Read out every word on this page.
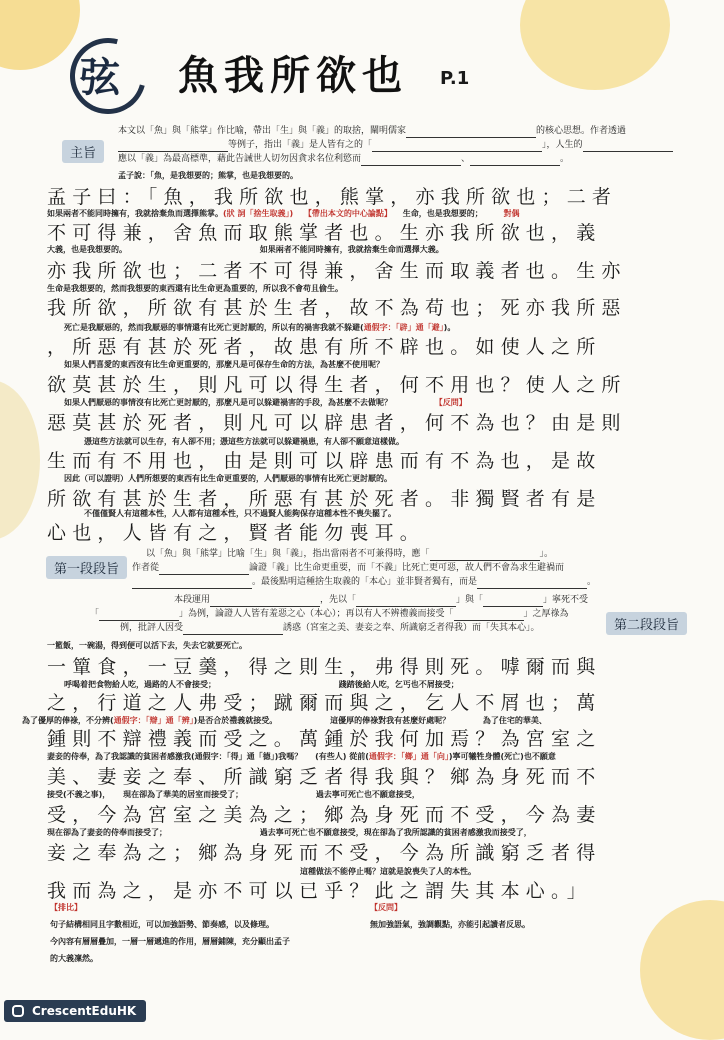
弦 魚我所欲也 P.1
主旨
本文以「魚」與「熊掌」作比喻，帶出「生」與「義」的取捨，闡明儒家	的核心思想。作者透過
等例子，指出「義」是人皆有之的「	」，人生的
應以「義」為最高標準，藉此告誡世人切勿因貪求名位利慾而	、	。
孟子說：「魚，是我想要的；熊掌，也是我想要的。
孟子曰：「魚，我所欲也，熊掌，亦我所欲也；二者
如果兩者不能同時擁有，我就捨棄魚而選擇熊掌。(狀 詞「捨生取義」) 【帶出本文的中心論點】 生命，也是我想要的；	對偶
不可得兼，舍魚而取熊掌者也。生亦我所欲也，義
大義，也是我想要的。	如果兩者不能同時擁有，我就捨棄生命而選擇大義。
亦我所欲也；二者不可得兼，舍生而取義者也。生亦
生命是我想要的，然而我想要的東西還有比生命更為重要的，所以我不會苟且偷生。
我所欲，所欲有甚於生者，故不為苟也；死亦我所惡
死亡是我厭惡的，然而我厭惡的事情還有比死亡更討厭的，所以有的禍害我就不躲避(通假字：「辟」通「避」)。
，所惡有甚於死者，故患有所不辟也。如使人之所
如果人們喜愛的東西沒有比生命更重要的，那麼凡是可保存生命的方法，為甚麼不使用呢？
欲莫甚於生，則凡可以得生者，何不用也？使人之所
如果人們厭惡的事情沒有比死亡更討厭的，那麼凡是可以躲避禍害的手段，為甚麼不去做呢？	【反問】
惡莫甚於死者，則凡可以辟患者，何不為也？由是則
憑這些方法就可以生存，有人卻不用；憑這些方法就可以躲避禍患，有人卻不願意這樣做。
生而有不用也，由是則可以辟患而有不為也，是故
因此（可以證明）人們所想要的東西有比生命更重要的，人們厭惡的事情有比死亡更討厭的。
所欲有甚於生者，所惡有甚於死者。非獨賢者有是
不僅僅賢人有這種本性，人人都有這種本性，只不過賢人能夠保存這種本性不喪失罷了。
心也，人皆有之，賢者能勿喪耳。
第一段段旨
以「魚」與「熊掌」比喻「生」與「義」，指出當兩者不可兼得時，應「	」。
作者從	論證「義」比生命更重要，而「不義」比死亡更可惡，故人們不會為求生避禍而
。最後點明這種捨生取義的「本心」並非賢者獨有，而是	。
本段運用	，先以「	」與「	」寧死不受
「	」為例，論證人人皆有羞惡之心（本心）；再以有人不辨禮義而接受「	」之厚祿為
例，批評人因受	誘惑（宮室之美、妻妾之奉、所識窮乏者得我）而「失其本心」。	第二段段旨
一籃飯，一碗湯，得到便可以活下去，失去它就要死亡。
一簞食，一豆羹，得之則生，弗得則死。嘑爾而與
呼喝着把食物給人吃，過路的人不會接受；	踐踏後給人吃，乞丐也不屑接受；
之，行道之人弗受；蹴爾而與之，乞人不屑也；萬
為了優厚的俸祿，不分辨(通假字：「辯」通「辨」)是否合於禮義就接受。	這優厚的俸祿對我有甚麼好處呢？	為了住宅的華美、
鍾則不辯禮義而受之。萬鍾於我何加焉？為宮室之
妻妾的侍奉，為了我認識的貧困者感激我(通假字：「得」通「德」)我嗎？ (有些人) 從前(通假字：「鄉」通「向」)寧可犧牲身體(死亡)也不願意
美、妻妾之奉、所識窮乏者得我與？鄉為身死而不
接受(不義之事)， 現在卻為了華美的居室而接受了；	過去寧可死亡也不願意接受，
受，今為宮室之美為之；鄉為身死而不受，今為妻
現在卻為了妻妾的侍奉而接受了；	過去寧可死亡也不願意接受，現在卻為了我所認識的貧困者感激我而接受了，
妾之奉為之；鄉為身死而不受，今為所識窮乏者得
這種做法不能停止嗎？這就是說喪失了人的本性。
我而為之，是亦不可以已乎？此之謂失其本心。」
【排比】
句子結構相同且字數相近，可以加強語勢、節奏感，以及條理。
今內容有層層疊加，一層一層遞進的作用，層層鋪陳，充分顯出孟子
的大義凜然。
【反問】
無加強語氣，強調觀點，亦能引起讀者反思。
CrescentEduHK
